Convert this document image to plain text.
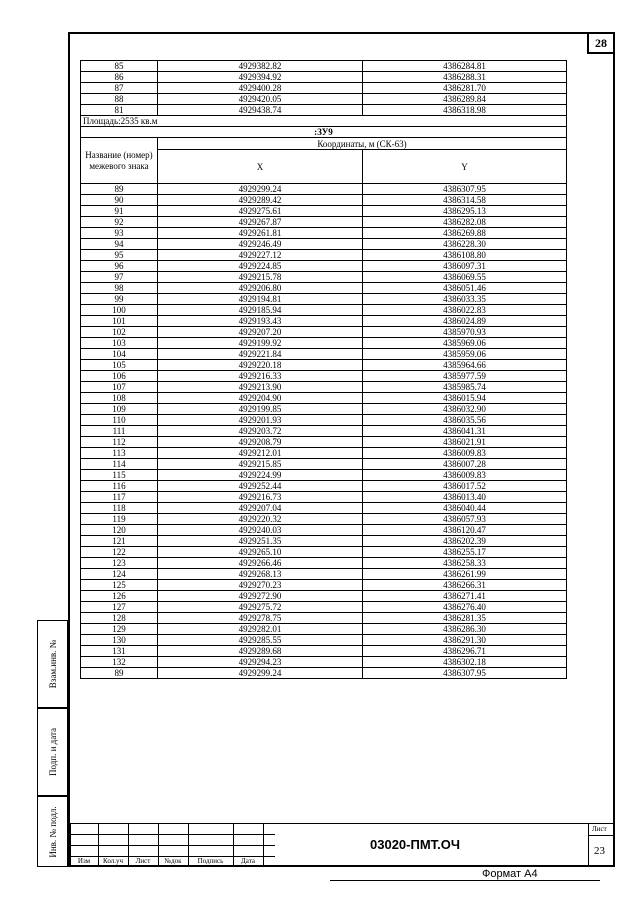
28
Взам.инв. №
Подп. и дата
Инв. № подл.
85	4929382.82	4386284.81
86	4929394.92	4386288.31
87	4929400.28	4386281.70
88	4929420.05	4386289.84
81	4929438.74	4386318.98
Площадь:2535 кв.м		
:ЗУ9		
Название (номер) межевого знака	Координаты, м (СК-63)	
	X	Y
89	4929299.24	4386307.95
90	4929289.42	4386314.58
91	4929275.61	4386295.13
92	4929267.87	4386282.08
93	4929261.81	4386269.88
94	4929246.49	4386228.30
95	4929227.12	4386108.80
96	4929224.85	4386097.31
97	4929215.78	4386069.55
98	4929206.80	4386051.46
99	4929194.81	4386033.35
100	4929185.94	4386022.83
101	4929193.43	4386024.89
102	4929207.20	4385970.93
103	4929199.92	4385969.06
104	4929221.84	4385959.06
105	4929220.18	4385964.66
106	4929216.33	4385977.59
107	4929213.90	4385985.74
108	4929204.90	4386015.94
109	4929199.85	4386032.90
110	4929201.93	4386035.56
111	4929203.72	4386041.31
112	4929208.79	4386021.91
113	4929212.01	4386009.83
114	4929215.85	4386007.28
115	4929224.99	4386009.83
116	4929252.44	4386017.52
117	4929216.73	4386013.40
118	4929207.04	4386040.44
119	4929220.32	4386057.93
120	4929240.03	4386120.47
121	4929251.35	4386202.39
122	4929265.10	4386255.17
123	4929266.46	4386258.33
124	4929268.13	4386261.99
125	4929270.23	4386266.31
126	4929272.90	4386271.41
127	4929275.72	4386276.40
128	4929278.75	4386281.35
129	4929282.01	4386286.30
130	4929285.55	4386291.30
131	4929289.68	4386296.71
132	4929294.23	4386302.18
89	4929299.24	4386307.95
Изм	Кол.уч	Лист	№док	Подпись	Дата
03020-ПМТ.ОЧ
Лист
23
Формат А4
